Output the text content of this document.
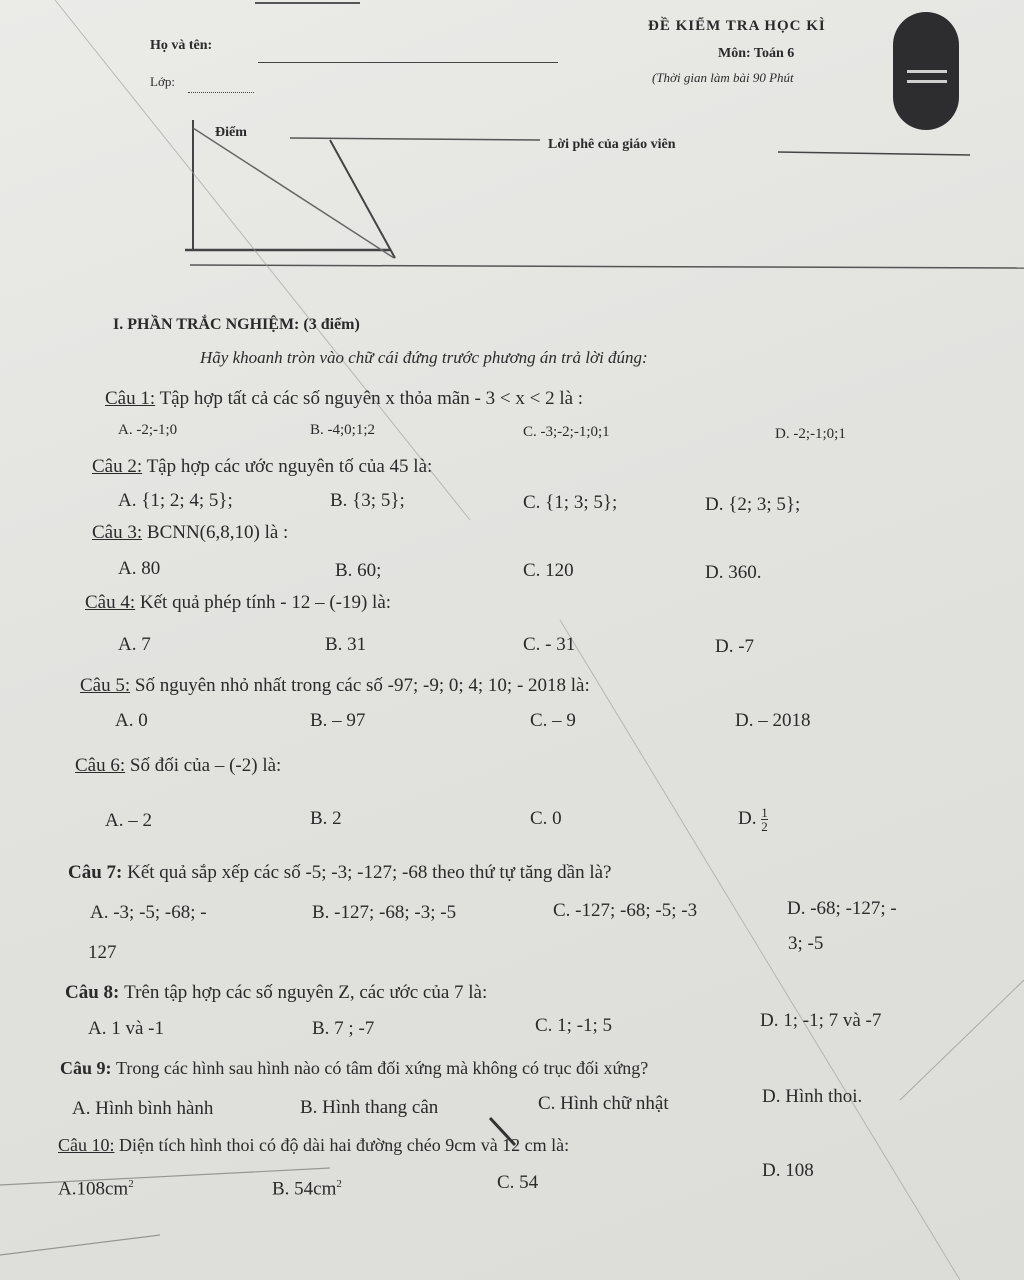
ĐỀ KIỂM TRA HỌC KÌ
Môn: Toán 6
(Thời gian làm bài 90 Phút
Họ và tên:
Lớp:
Điểm
Lời phê của giáo viên
I. PHẦN TRẮC NGHIỆM: (3 điểm)
Hãy khoanh tròn vào chữ cái đứng trước phương án trả lời đúng:
Câu 1: Tập hợp tất cả các số nguyên x thỏa mãn - 3 < x < 2 là :
A. -2;-1;0	B. -4;0;1;2	C. -3;-2;-1;0;1	D. -2;-1;0;1
Câu 2: Tập hợp các ước nguyên tố của 45 là:
A. {1; 2; 4; 5};	B. {3; 5};	C. {1; 3; 5};	D. {2; 3; 5};
Câu 3: BCNN(6,8,10) là :
A. 80	B. 60;	C. 120	D. 360.
Câu 4: Kết quả phép tính - 12 – (-19) là:
A. 7	B. 31	C. - 31	D. -7
Câu 5: Số nguyên nhỏ nhất trong các số -97; -9; 0; 4; 10; - 2018 là:
A. 0	B. – 97	C. – 9	D. – 2018
Câu 6: Số đối của – (-2) là:
A. – 2	B. 2	C. 0	D. $\frac{1}{2}$
Câu 7: Kết quả sắp xếp các số -5; -3; -127; -68 theo thứ tự tăng dần là?
A. -3; -5; -68; -	B. -127; -68; -3; -5	C. -127; -68; -5; -3	D. -68; -127; -
127	3; -5
Câu 8: Trên tập hợp các số nguyên Z, các ước của 7 là:
A. 1 và -1	B. 7 ; -7	C. 1; -1; 5	D. 1; -1; 7 và -7
Câu 9: Trong các hình sau hình nào có tâm đối xứng mà không có trục đối xứng?
A. Hình bình hành	B. Hình thang cân	C. Hình chữ nhật	D. Hình thoi.
Câu 10: Diện tích hình thoi có độ dài hai đường chéo 9cm và 12 cm là:
$A.108cm^2$	B. $54cm^2$	C. 54
D. 108
